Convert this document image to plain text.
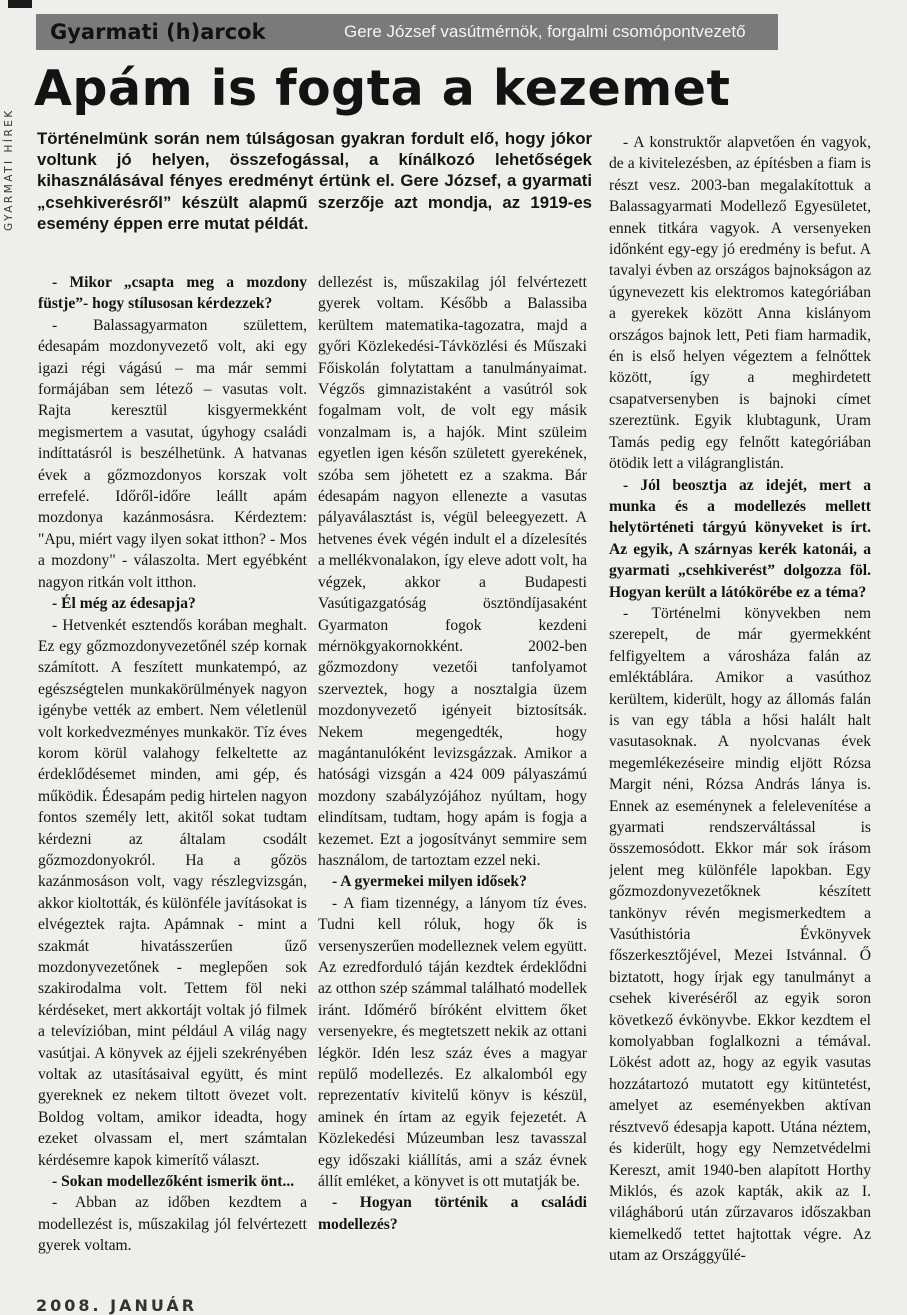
GYARMATI HÍREK
Gyarmati (h)arcok	Gere József vasútmérnök, forgalmi csomópontvezető

Apám is fogta a kezemet

Történelmünk során nem túlságosan gyakran fordult elő, hogy jókor voltunk jó helyen, összefogással, a kínálkozó lehetőségek kihasználásával fényes eredményt értünk el. Gere József, a gyarmati „csehkiverésről” készült alapmű szerzője azt mondja, az 1919-es esemény éppen erre mutat példát.

- Mikor „csapta meg a mozdony füstje”- hogy stílusosan kérdezzek?

- Balassagyarmaton születtem, édesapám mozdonyvezető volt, aki egy igazi régi vágású – ma már semmi formájában sem létező – vasutas volt. Rajta keresztül kisgyermekként megismertem a vasutat, úgyhogy családi indíttatásról is beszélhetünk. A hatvanas évek a gőzmozdonyos korszak volt errefelé. Időről-időre leállt apám mozdonya kazánmosásra. Kérdeztem: "Apu, miért vagy ilyen sokat itthon? - Mos a mozdony" - válaszolta. Mert egyébként nagyon ritkán volt itthon.

- Él még az édesapja?

- Hetvenkét esztendős korában meghalt. Ez egy gőzmozdonyvezetőnél szép kornak számított. A feszített munkatempó, az egészségtelen munkakörülmények nagyon igénybe vették az embert. Nem véletlenül volt korkedvezményes munkakör. Tíz éves korom körül valahogy felkeltette az érdeklődésemet minden, ami gép, és működik. Édesapám pedig hirtelen nagyon fontos személy lett, akitől sokat tudtam kérdezni az általam csodált gőzmozdonyokról. Ha a gőzös kazánmosáson volt, vagy részlegvizsgán, akkor kioltották, és különféle javításokat is elvégeztek rajta. Apámnak - mint a szakmát hivatásszerűen űző mozdonyvezetőnek - meglepően sok szakirodalma volt. Tettem föl neki kérdéseket, mert akkortájt voltak jó filmek a televízióban, mint például A világ nagy vasútjai. A könyvek az éjjeli szekrényében voltak az utasításaival együtt, és mint gyereknek ez nekem tiltott övezet volt. Boldog voltam, amikor ideadta, hogy ezeket olvassam el, mert számtalan kérdésemre kapok kimerítő választ.

- Sokan modellezőként ismerik önt...

- Abban az időben kezdtem a modellezést is, műszakilag jól felvértezett gyerek voltam.

dellezést is, műszakilag jól felvértezett gyerek voltam. Később a Balassiba kerültem matematika-tagozatra, majd a győri Közlekedési-Távközlési és Műszaki Főiskolán folytattam a tanulmányaimat. Végzős gimnazistaként a vasútról sok fogalmam volt, de volt egy másik vonzalmam is, a hajók. Mint szüleim egyetlen igen későn született gyerekének, szóba sem jöhetett ez a szakma. Bár édesapám nagyon ellenezte a vasutas pályaválasztást is, végül beleegyezett. A hetvenes évek végén indult el a dízelesítés a mellékvonalakon, így eleve adott volt, ha végzek, akkor a Budapesti Vasútigazgatóság ösztöndíjasaként Gyarmaton fogok kezdeni mérnökgyakornokként. 2002-ben gőzmozdony vezetői tanfolyamot szerveztek, hogy a nosztalgia üzem mozdonyvezető igényeit biztosítsák. Nekem megengedték, hogy magántanulóként levizsgázzak. Amikor a hatósági vizsgán a 424 009 pályaszámú mozdony szabályzójához nyúltam, hogy elindítsam, tudtam, hogy apám is fogja a kezemet. Ezt a jogosítványt semmire sem használom, de tartoztam ezzel neki.

- A gyermekei milyen idősek?

- A fiam tizennégy, a lányom tíz éves. Tudni kell róluk, hogy ők is versenyszerűen modelleznek velem együtt. Az ezredforduló táján kezdtek érdeklődni az otthon szép számmal található modellek iránt. Időmérő bíróként elvittem őket versenyekre, és megtetszett nekik az ottani légkör. Idén lesz száz éves a magyar repülő modellezés. Ez alkalomból egy reprezentatív kivitelű könyv is készül, aminek én írtam az egyik fejezetét. A Közlekedési Múzeumban lesz tavasszal egy időszaki kiállítás, ami a száz évnek állít emléket, a könyvet is ott mutatják be.

- Hogyan történik a családi modellezés?

- A konstruktőr alapvetően én vagyok, de a kivitelezésben, az építésben a fiam is részt vesz. 2003-ban megalakítottuk a Balassagyarmati Modellező Egyesületet, ennek titkára vagyok. A versenyeken időnként egy-egy jó eredmény is befut. A tavalyi évben az országos bajnokságon az úgynevezett kis elektromos kategóriában a gyerekek között Anna kislányom országos bajnok lett, Peti fiam harmadik, én is első helyen végeztem a felnőttek között, így a meghirdetett csapatversenyben is bajnoki címet szereztünk. Egyik klubtagunk, Uram Tamás pedig egy felnőtt kategóriában ötödik lett a világranglistán.

- Jól beosztja az idejét, mert a munka és a modellezés mellett helytörténeti tárgyú könyveket is írt. Az egyik, A szárnyas kerék katonái, a gyarmati „csehkiverést” dolgozza föl. Hogyan került a látókörébe ez a téma?

- Történelmi könyvekben nem szerepelt, de már gyermekként felfigyeltem a városháza falán az emléktáblára. Amikor a vasúthoz kerültem, kiderült, hogy az állomás falán is van egy tábla a hősi halált halt vasutasoknak. A nyolcvanas évek megemlékezéseire mindig eljött Rózsa Margit néni, Rózsa András lánya is. Ennek az eseménynek a felelevenítése a gyarmati rendszerváltással is összemosódott. Ekkor már sok írásom jelent meg különféle lapokban. Egy gőzmozdonyvezetőknek készített tankönyv révén megismerkedtem a Vasúthistória Évkönyvek főszerkesztőjével, Mezei Istvánnal. Ő biztatott, hogy írjak egy tanulmányt a csehek kiveréséről az egyik soron következő évkönyvbe. Ekkor kezdtem el komolyabban foglalkozni a témával. Lökést adott az, hogy az egyik vasutas hozzátartozó mutatott egy kitüntetést, amelyet az eseményekben aktívan résztvevő édesapja kapott. Utána néztem, és kiderült, hogy egy Nemzetvédelmi Kereszt, amit 1940-ben alapított Horthy Miklós, és azok kapták, akik az I. világháború után zűrzavaros időszakban kiemelkedő tettet hajtottak végre. Az utam az Országgyűlé-

2008. JANUÁR
